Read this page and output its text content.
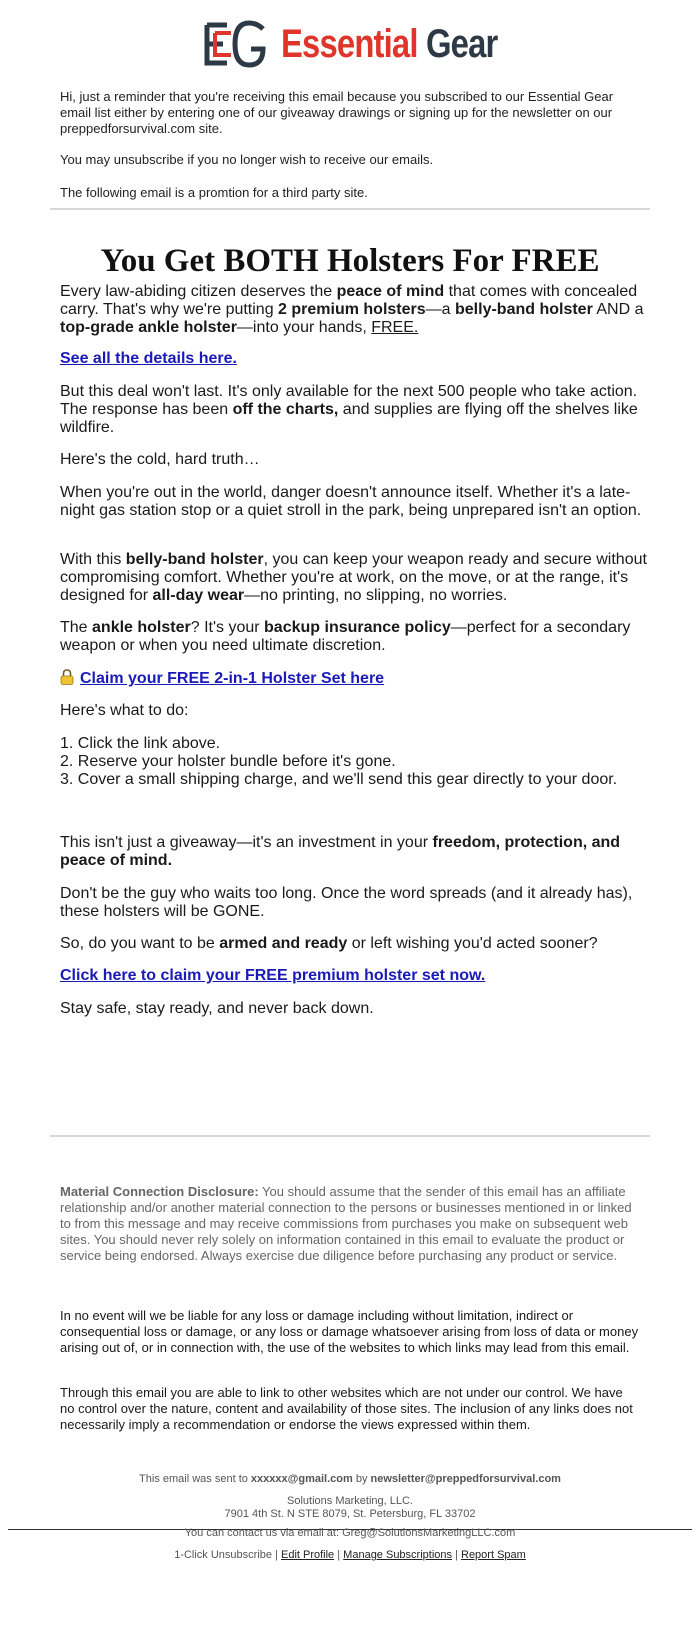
Essential Gear

Hi, just a reminder that you're receiving this email because you subscribed to our Essential Gear email list either by entering one of our giveaway drawings or signing up for the newsletter on our preppedforsurvival.com site.

You may unsubscribe if you no longer wish to receive our emails.

The following email is a promtion for a third party site.

You Get BOTH Holsters For FREE

Every law-abiding citizen deserves the peace of mind that comes with concealed carry. That's why we're putting 2 premium holsters—a belly-band holster AND a top-grade ankle holster—into your hands, FREE.

See all the details here.

But this deal won't last. It's only available for the next 500 people who take action. The response has been off the charts, and supplies are flying off the shelves like wildfire.

Here's the cold, hard truth…

When you're out in the world, danger doesn't announce itself. Whether it's a late-night gas station stop or a quiet stroll in the park, being unprepared isn't an option.

With this belly-band holster, you can keep your weapon ready and secure without compromising comfort. Whether you're at work, on the move, or at the range, it's designed for all-day wear—no printing, no slipping, no worries.

The ankle holster? It's your backup insurance policy—perfect for a secondary weapon or when you need ultimate discretion.

Claim your FREE 2-in-1 Holster Set here

Here's what to do:

1. Click the link above.

2. Reserve your holster bundle before it's gone.

3. Cover a small shipping charge, and we'll send this gear directly to your door.

This isn't just a giveaway—it's an investment in your freedom, protection, and peace of mind.

Don't be the guy who waits too long. Once the word spreads (and it already has), these holsters will be GONE.

So, do you want to be armed and ready or left wishing you'd acted sooner?

Click here to claim your FREE premium holster set now.

Stay safe, stay ready, and never back down.

Material Connection Disclosure: You should assume that the sender of this email has an affiliate relationship and/or another material connection to the persons or businesses mentioned in or linked to from this message and may receive commissions from purchases you make on subsequent web sites. You should never rely solely on information contained in this email to evaluate the product or service being endorsed. Always exercise due diligence before purchasing any product or service.

In no event will we be liable for any loss or damage including without limitation, indirect or consequential loss or damage, or any loss or damage whatsoever arising from loss of data or money arising out of, or in connection with, the use of the websites to which links may lead from this email.

Through this email you are able to link to other websites which are not under our control. We have no control over the nature, content and availability of those sites. The inclusion of any links does not necessarily imply a recommendation or endorse the views expressed within them.

This email was sent to xxxxxx@gmail.com by newsletter@preppedforsurvival.com
Solutions Marketing, LLC.
7901 4th St. N STE 8079, St. Petersburg, FL 33702
You can contact us via email at: Greg@SolutionsMarketingLLC.com
1-Click Unsubscribe | Edit Profile | Manage Subscriptions | Report Spam
